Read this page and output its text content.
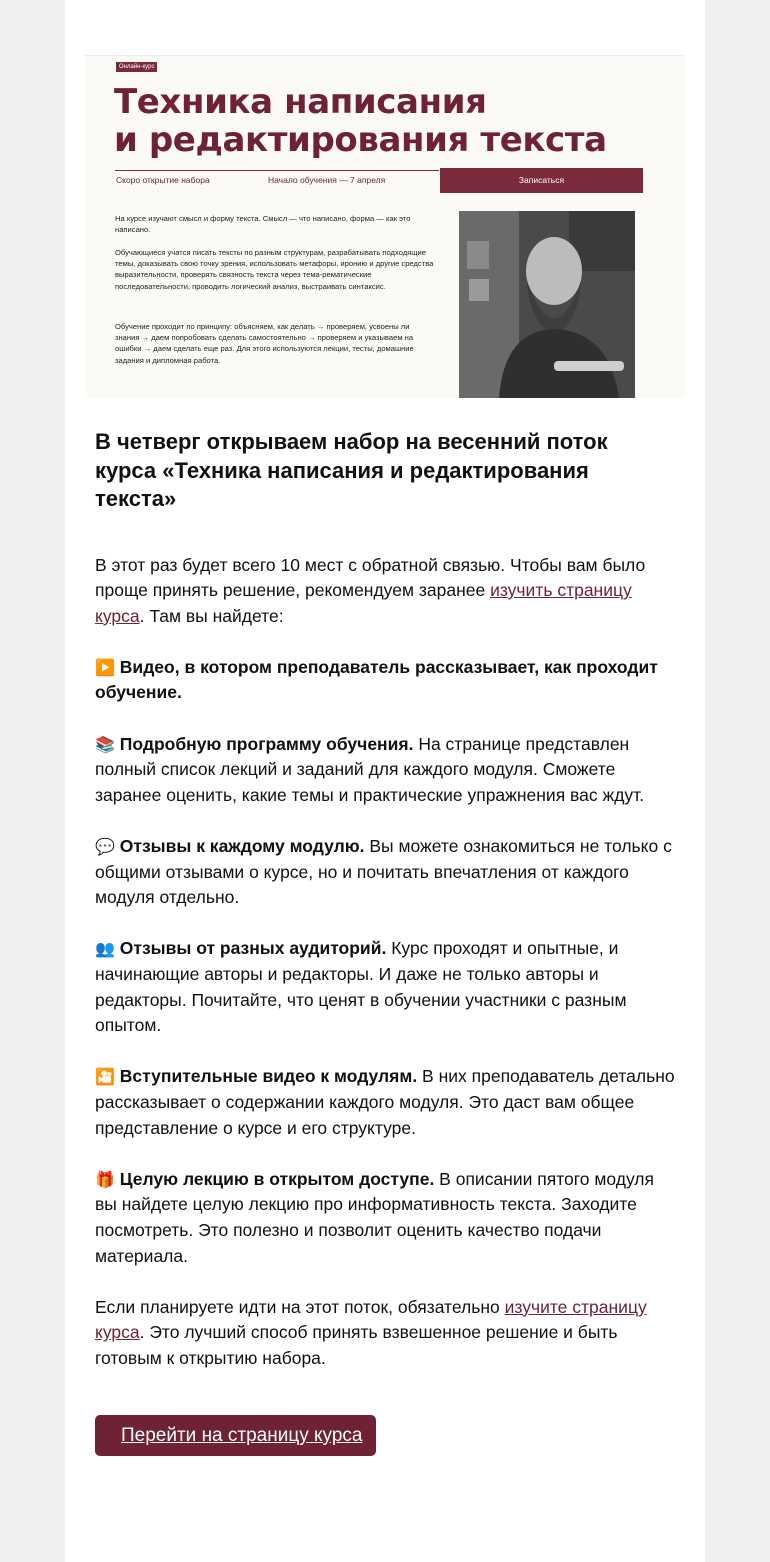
Онлайн-курс
Техника написания
и редактирования текста
Скоро открытие набора	Начало обучения — 7 апреля	Записаться

На курсе изучают смысл и форму текста. Смысл — что написано, форма — как это написано.

Обучающиеся учатся писать тексты по разным структурам, разрабатывать подходящие темы, доказывать свою точку зрения, использовать метафоры, иронию и другие средства выразительности, проверять связность текста через тема-рематические последовательности, проводить логический анализ, выстраивать синтаксис.

Обучение проходит по принципу: объясняем, как делать → проверяем, усвоены ли знания → даем попробовать сделать самостоятельно → проверяем и указываем на ошибки → даем сделать еще раз. Для этого используются лекции, тесты, домашние задания и дипломная работа.

В четверг открываем набор на весенний поток курса «Техника написания и редактирования текста»

В этот раз будет всего 10 мест с обратной связью. Чтобы вам было проще принять решение, рекомендуем заранее изучить страницу курса. Там вы найдете:

▶️ Видео, в котором преподаватель рассказывает, как проходит обучение.

📚 Подробную программу обучения. На странице представлен полный список лекций и заданий для каждого модуля. Сможете заранее оценить, какие темы и практические упражнения вас ждут.

💬 Отзывы к каждому модулю. Вы можете ознакомиться не только с общими отзывами о курсе, но и почитать впечатления от каждого модуля отдельно.

👥 Отзывы от разных аудиторий. Курс проходят и опытные, и начинающие авторы и редакторы. И даже не только авторы и редакторы. Почитайте, что ценят в обучении участники с разным опытом.

🎦 Вступительные видео к модулям. В них преподаватель детально рассказывает о содержании каждого модуля. Это даст вам общее представление о курсе и его структуре.

🎁 Целую лекцию в открытом доступе. В описании пятого модуля вы найдете целую лекцию про информативность текста. Заходите посмотреть. Это полезно и позволит оценить качество подачи материала.

Если планируете идти на этот поток, обязательно изучите страницу курса. Это лучший способ принять взвешенное решение и быть готовым к открытию набора.

Перейти на страницу курса
